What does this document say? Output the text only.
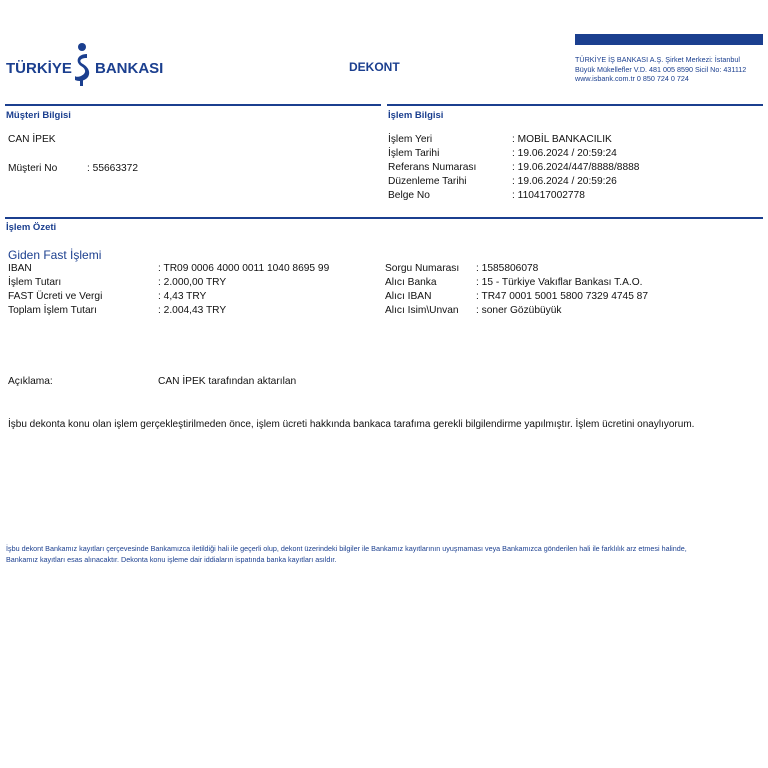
TÜRKİYE BANKASI	DEKONT
TÜRKİYE İŞ BANKASI A.Ş. Şirket Merkezi: İstanbul
Büyük Mükellefler V.D. 481 005 8590 Sicil No: 431112
www.isbank.com.tr 0 850 724 0 724
Müşteri Bilgisi
CAN İPEK
Müşteri No	: 55663372
İşlem Bilgisi
İşlem Yeri	: MOBİL BANKACILIK
İşlem Tarihi	: 19.06.2024 / 20:59:24
Referans Numarası	: 19.06.2024/447/8888/8888
Düzenleme Tarihi	: 19.06.2024 / 20:59:26
Belge No	: 110417002778
İşlem Özeti
Giden Fast İşlemi
IBAN	: TR09 0006 4000 0011 1040 8695 99
İşlem Tutarı	: 2.000,00 TRY
FAST Ücreti ve Vergi	: 4,43 TRY
Toplam İşlem Tutarı	: 2.004,43 TRY
Sorgu Numarası : 1585806078
Alıcı Banka	: 15 - Türkiye Vakıflar Bankası T.A.O.
Alıcı IBAN	: TR47 0001 5001 5800 7329 4745 87
Alıcı Isim\Unvan : soner Gözübüyük
Açıklama:	CAN İPEK tarafından aktarılan
İşbu dekonta konu olan işlem gerçekleştirilmeden önce, işlem ücreti hakkında bankaca tarafıma gerekli bilgilendirme yapılmıştır. İşlem ücretini onaylıyorum.
İşbu dekont Bankamız kayıtları çerçevesinde Bankamızca iletildiği hali ile geçerli olup, dekont üzerindeki bilgiler ile Bankamız kayıtlarının uyuşmaması veya Bankamızca gönderilen hali ile farklılık arz etmesi halinde,
Bankamız kayıtları esas alınacaktır. Dekonta konu işleme dair iddiaların ispatında banka kayıtları asıldır.
